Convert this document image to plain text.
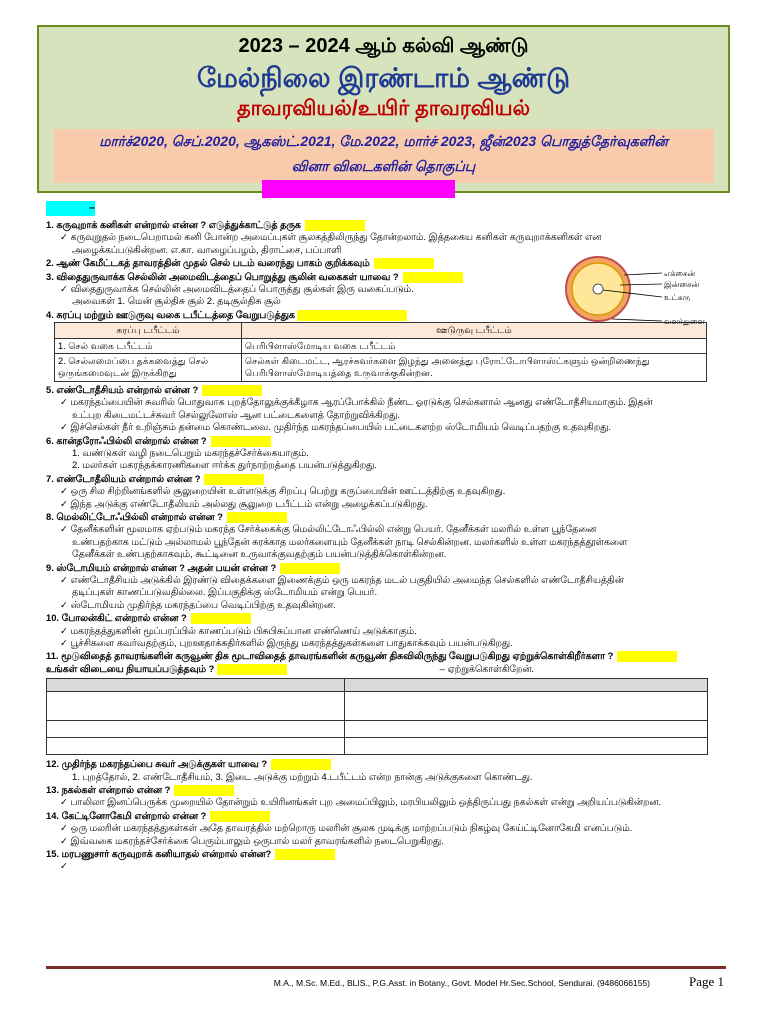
2023 – 2024 ஆம் கல்வி ஆண்டு
மேல்நிலை இரண்டாம் ஆண்டு
தாவரவியல்/உயிர் தாவரவியல்
மார்ச்2020, செப்.2020, ஆகஸ்ட்.2021, மே.2022, மார்ச் 2023, ஜீன்2023 பொதுத்தேர்வுகளின்
வினா விடைகளின் தொகுப்பு
–
1. கருவுறாக் கனிகள் என்றால் என்ன ? எடுத்துக்காட்டுத் தருக
✓ கருவுறுதல் நடைபெறாமல் கனி போன்ற அமைப்புகள் சூலகத்திலிருந்து தோன்றலாம். இத்தகைய கனிகள் கருவுறாக்கனிகள் என
அழைக்கப்படுகின்றன. எ.கா. வாழைப்பழம், திராட்சை, பப்பாளி
2. ஆண் கேமீட்டகத் தாவரத்தின் முதல் செல் படம் வரைந்து பாகம் குறிக்கவும்
3. விதைதுருவாக்க செல்லின் அமைவிடத்தைப் பொறுத்து சூலின் வகைகள் யாவை ?
✓ விதைதுருவாக்க செல்லின் அமைவிடத்தைப் பொருத்து சூல்கள் இரு வகைப்படும்.
அவைகள் 1. மென் சூல்திசு சூல் 2. தடிசூல்திசு சூல்
4. சுரப்பு மற்றும் ஊடுருவு வகை டபீட்டத்தை வேறுபடுத்துக
சுரப்பு டபீட்டம்	ஊடுருவு டபீட்டம்
1. செல் வகை டபீட்டம்	பெரிபிளாஸ்மோடிய வகை டபீட்டம்
2. செல்லமைப்பை தக்கவைத்து செல் ஒருங்கமைவுடன் இருக்கிறது	செல்கள் கிடைமட்ட, ஆரச்சுவர்களை இழந்து அனைத்து புரோட்டோபிளாஸ்ட்களும் ஒன்றிணைந்து பெரிபிளாஸ்மோடியத்தை உருவாக்குகின்றன.
5. எண்டோதீசியம் என்றால் என்ன ?
✓ மகரந்தப்பையின் சுவரில் பொதுவாக புறத்தோலுக்குக்கீழாக ஆரப்போக்கில் நீண்ட ஓரடுக்கு செல்களால் ஆனது எண்டோதீசியமாகும். இதன்
உட்புற கிடைமட்டச்சுவர் செல்லுலோஸ் ஆன பட்டைகளைத் தோற்றுவிக்கிறது.
✓ இச்செல்கள் நீர் உறிஞ்சும் தன்மை கொண்டவை. முதிர்ந்த மகரந்தப்பையில் பட்டைகளற்ற ஸ்டோமியம் வெடிப்பதற்கு உதவுகிறது.
6. கான்தரோஃபில்லி என்றால் என்ன ?
1. வண்டுகள் வழி நடைபெறும் மகரந்தச்சேர்க்கையாகும்.
2. மலர்கள் மகரந்தக்காரணிகளை ஈர்க்க துர்நாற்றத்தை பயன்படுத்துகிறது.
7. எண்டோதீலியம் என்றால் என்ன ?
✓ ஒரு சில சிற்றினங்களில் சூலுறையின் உள்ளடுக்கு சிறப்பு பெற்று கருப்பையின் ஊட்டத்திற்கு உதவுகிறது.
✓ இந்த அடுக்கு எண்டோதீலியம் அல்லது சூலுறை டபீட்டம் என்று அழைக்கப்படுகிறது.
8. மெல்லிட்டோஃபில்லி என்றால் என்ன ?
✓ தேனீக்களின் மூலமாக ஏற்படும் மகரந்த சேர்க்கைக்கு மெல்லிட்டோஃபில்லி என்று பெயர். தேனீக்கள் மலரில் உள்ள பூந்தேனை
உண்பதற்காக மட்டும் அல்லாமல் பூந்தேன் சுரக்காத மலர்களையும் தேனீக்கள் நாடி செல்கின்றன. மலர்களில் உள்ள மகரந்தத்தூள்களை
தேனீக்கள் உண்பதற்காகவும், கூட்டினை உருவாக்குவதற்கும் பயன்படுத்திக்கொள்கின்றன.
9. ஸ்டோமியம் என்றால் என்ன ? அதன் பயன் என்ன ?
✓ எண்டோதீசியம் அடுக்கில் இரண்டு விதைக்களை இணைக்கும் ஒரு மகரந்த மடல் பகுதியில் அமைந்த செல்களில் எண்டோதீசியத்தின்
தடிப்புகள் காணப்படுவதில்லை. இப்பகுதிக்கு ஸ்டோமியம் என்று பெயர்.
✓ ஸ்டோமியம் முதிர்ந்த மகரந்தப்பை வெடிப்பிற்கு உதவுகின்றன.
10. போலன்கிட் என்றால் என்ன ?
✓ மகரந்தத்துகளின் மூப்பரப்பில் காணப்படும் பிசுபிசுப்பான எண்ணெய் அடுக்காகும்.
✓ பூச்சிகளை கவர்வதற்கும், புறஊதாக்கதிர்களில் இருந்து மகரந்தத்துகள்களை பாதுகாக்கவும் பயன்படுகிறது.
11. மூடுவிதைத் தாவரங்களின் கருவூண் திசு மூடாவிதைத் தாவரங்களின் கருவூண் திசுவிலிருந்து வேறுபடுகிறது ஏற்றுக்கொள்கிறீர்களா ?
உங்கள் விடையை நியாயப்படுத்தவும் ?	– ஏற்றுக்கொள்கிறேன்.

12. முதிர்ந்த மகரந்தப்பை சுவர் அடுக்குகள் யாவை ?
1. புறத்தோல், 2. எண்டோதீசியம், 3. இடை அடுக்கு மற்றும் 4.டபீட்டம் என்ற நான்கு அடுக்குகளை கொண்டது.
13. நகல்கள் என்றால் என்ன ?
✓ பாலிலா இனப்பெருக்க முறையில் தோன்றும் உயிரினங்கள் புற அமைப்பிலும், மரபியலிலும் ஒத்திருப்பது நகல்கள் என்று அறியப்படுகின்றன.
14. கேட்டினோகேமி என்றால் என்ன ?
✓ ஒரு மலரின் மகரந்தத்துகள்கள் அதே தாவரத்தில் மற்றொரு மலரின் சூலக முடிக்கு மாற்றப்படும் நிகழ்வு கேய்ட்டினோகேமி எனப்படும்.
✓ இவ்வகை மகரந்தச்சேர்க்கை பெரும்பாலும் ஒருபால் மலர் தாவரங்களில் நடைபெறுகிறது.
15. மரபணுசார் கருவுறாக் கனியாதல் என்றால் என்ன?
✓
எக்சைன்
இன்சைன்
உட்கரு
வளர்துளை
M.A., M.Sc. M.Ed., BLIS., P.G.Asst. in Botany., Govt. Model Hr.Sec.School, Sendurai. (9486066155)	Page 1
